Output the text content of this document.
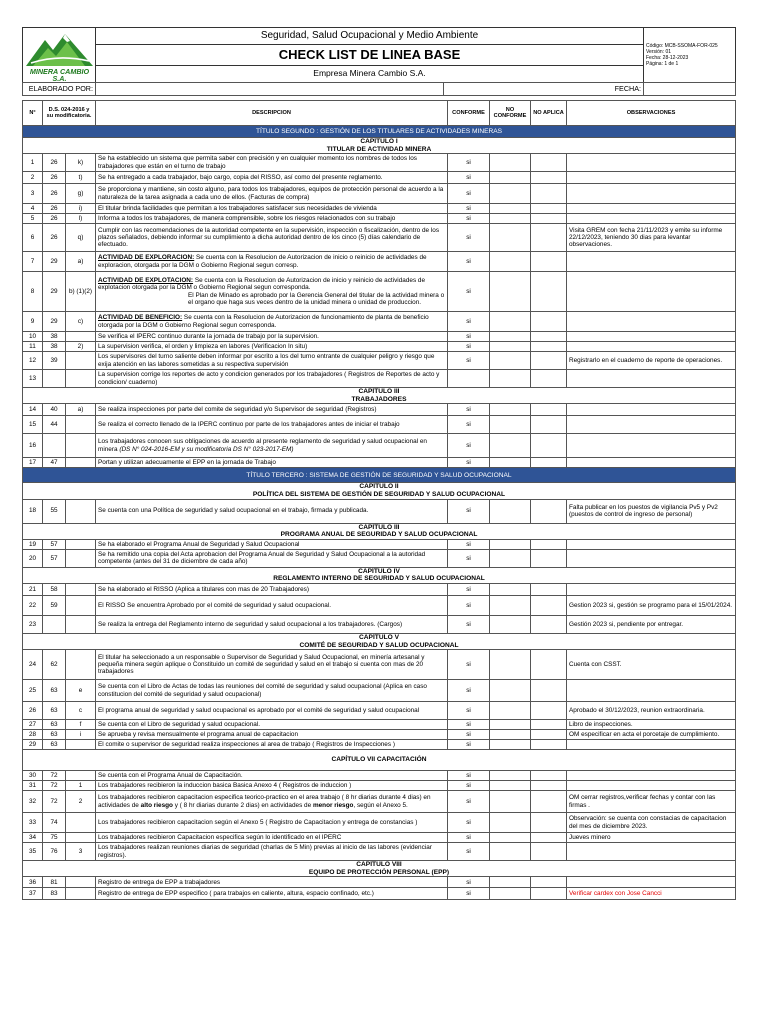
MINERA CAMBIO S.A.
	Seguridad, Salud Ocupacional y Medio Ambiente	
Código: MCB-SSOMA-FOR-025
Versión: 01
Fecha: 28-12-2023
Página: 1 de 1

CHECK LIST DE LINEA BASE
Empresa Minera Cambio S.A.
ELABORADO POR:		FECHA:	
N°	D.S. 024-2016 y su modificatoria.		DESCRIPCION	CONFORME	NO CONFORME	NO APLICA	OBSERVACIONES
TÍTULO SEGUNDO : GESTIÓN DE LOS TITULARES DE ACTIVIDADES MINERAS							

CAPÍTULO I
TITULAR DE ACTIVIDAD MINERA							

1	26	k)	Se ha establecido un sistema que permita saber con precisión y en cualquier momento los nombres de todos los trabajadores que están en el turno de trabajo	si			
2	26	t)	Se ha entregado a cada trabajador, bajo cargo, copia del RISSO, así como del presente reglamento.	si			
3	26	g)	Se proporciona y mantiene, sin costo alguno, para todos los trabajadores, equipos de protección personal de acuerdo a la naturaleza de la tarea asignada a cada uno de ellos. (Facturas de compra)	si			
4	26	i)	El titular brinda facilidades que permitan a los trabajadores satisfacer sus necesidades de vivienda	si			
5	26	l)	Informa a todos los trabajadores, de manera comprensible, sobre los riesgos relacionados con su trabajo	si			
6	26	q)	Cumplir con las recomendaciones de la autoridad competente en la supervisión, inspección o fiscalización, dentro de los plazos señalados, debiendo informar su cumplimiento a dicha autoridad dentro de los cinco (5) días calendario de efectuado.	si			Visita GREM con fecha 21/11/2023 y emite su informe 22/12/2023, teniendo 30 dias para levantar observaciones.
7	29	a)	ACTIVIDAD DE EXPLORACION: Se cuenta con la Resolucion de Autorizacion de inicio o reinicio de actividades de exploracion, otorgada por la DGM o Gobierno Regional segun corresp.	si			
8	29	b) (1)(2)	ACTIVIDAD DE EXPLOTACION: Se cuenta con la Resolucion de Autorizacion de inicio y reinicio de actividades de explotacion otorgada por la DGM o Gobierno Regional segun corresponda.
El Plan de Minado es aprobado por la Gerencia General del titular de la actividad minera o el organo que haga sus veces dentro de la unidad minera o unidad de produccion.	si			
9	29	c)	ACTIVIDAD DE BENEFICIO: Se cuenta con la Resolucion de Autorizacion de funcionamiento de planta de beneficio otorgada por la DGM o Gobierno Regional segun corresponda.	si			
10	38		Se verifica el IPERC continuo durante la jornada de trabajo por la supervision.	si			
11	38	2)	La supervision verifica, el orden y limpieza en labores (Verificacion In situ)	si			
12	39		Los supervisores del turno saliente deben informar por escrito a los del turno entrante de cualquier peligro y riesgo que exija atención en las labores sometidas a su respectiva supervisión	si			Registrarlo en el cuaderno de reporte de operaciones.
13			La supervision corrige los reportes de acto y condicion generados por los trabajadores ( Registros de Reportes de acto y condicion/ cuaderno)				

CAPÍTULO III
TRABAJADORES							

14	40	a)	Se realiza inspecciones por parte del comite de seguridad y/o Supervisor de seguridad (Registros)	si			
15	44		Se realiza el correcto llenado de la IPERC continuo por parte de los trabajadores antes de iniciar el trabajo	si			
16			Los trabajadores conocen sus obligaciones de acuerdo al presente reglamento de seguridad y salud ocupacional en minera (DS N° 024-2016-EM y su modificatoria DS N° 023-2017-EM)	si			
17	47		Portan y utilizan adecuamente el EPP en la jornada de Trabajo	si			
TÍTULO TERCERO : SISTEMA DE GESTIÓN DE SEGURIDAD Y SALUD OCUPACIONAL							

CAPÍTULO II
POLÍTICA DEL SISTEMA DE GESTIÓN DE SEGURIDAD Y SALUD OCUPACIONAL							

18	55		Se cuenta con una Política de seguridad y salud ocupacional en el trabajo, firmada y publicada.	si			Falta publicar en los puestos de vigilancia Pv5 y Pv2 (puestos de control de ingreso de personal)

CAPÍTULO III
PROGRAMA ANUAL DE SEGURIDAD Y SALUD OCUPACIONAL							

19	57		Se ha elaborado el Programa Anual de Seguridad y Salud Ocupacional	si			
20	57		Se ha remitido una copia del Acta aprobacion del Programa Anual de Seguridad y Salud Ocupacional a la autoridad competente (antes del 31 de diciembre de cada año)	si			

CAPÍTULO IV
REGLAMENTO INTERNO DE SEGURIDAD Y SALUD OCUPACIONAL							

21	58		Se ha elaborado el RISSO (Aplica a titulares con mas de 20 Trabajadores)	si			
22	59		El RISSO Se encuentra Aprobado por el comité de seguridad y salud ocupacional.	si			Gestion 2023 si, gestión se programo para el 15/01/2024.
23			Se realiza la entrega del Reglamento interno de seguridad y salud ocupacional a los trabajadores. (Cargos)	si			Gestión 2023 si, pendiente por entregar.

CAPÍTULO V
COMITÉ DE SEGURIDAD Y SALUD OCUPACIONAL							

24	62		El titular ha seleccionado a un responsable o Supervisor de Seguridad y Salud Ocupacional, en minería artesanal y pequeña minera según aplique o Constituido un comité de seguridad y salud en el trabajo si cuenta con mas de 20 trabajadores	si			Cuenta con CSST.
25	63	e	Se cuenta con el Libro de Actas de todas las reuniones del comité de seguridad y salud ocupacional (Aplica en caso constitucion del comité de seguridad y salud ocupacional)	si			
26	63	c	El programa anual de seguridad y salud ocupacional es aprobado por el comité de seguridad y salud ocupacional	si			Aprobado el 30/12/2023, reunion extraordinaria.
27	63	f	Se cuenta con el Libro de seguridad y salud ocupacional.	si			Libro de inspecciones.
28	63	i	Se aprueba y revisa mensualmente el programa anual de capacitacion	si			OM especificar en acta el porcetaje de cumplimiento.
29	63		El comite o supervisor de seguridad realiza inspecciones al area de trabajo ( Registros de Inspecciones )	si			
CAPÍTULO VII CAPACITACIÓN							
30	72		Se cuenta con el Programa Anual de Capacitación.	si			
31	72	1	Los trabajadores recibieron la induccion basica Basica Anexo 4 ( Registros de induccion )	si			
32	72	2	Los trabajadores recibieron capacitacion especifica teorico-practico en el area trabajo ( 8 hr diarias durante 4 dias) en actividades de alto riesgo y ( 8 hr diarias durante 2 dias) en actividades de menor riesgo, según el Anexo 5.	si			OM cerrar registros,verificar fechas y contar con las firmas .
33	74		Los trabajadores recibieron capacitacion según el Anexo 5 ( Registro de Capacitacion y entrega de constancias )	si			Observación: se cuenta con constacias de capacitacion del mes de diciembre 2023.
34	75		Los trabajadores recibieron Capacitacion especifica según lo identificado en el IPERC	si			Jueves minero
35	76	3	Los trabajadores realizan reuniones diarias de seguridad (charlas de 5 Min) previas al inicio de las labores (evidenciar registros).	si			

CAPÍTULO VIII
EQUIPO DE PROTECCIÓN PERSONAL (EPP)							

36	81		Registro de entrega de EPP a trabajadores	si			
37	83		Registro de entrega de EPP especifico ( para trabajos en caliente, altura, espacio confinado, etc.)	si			Verificar cardex con Jose Cancci
